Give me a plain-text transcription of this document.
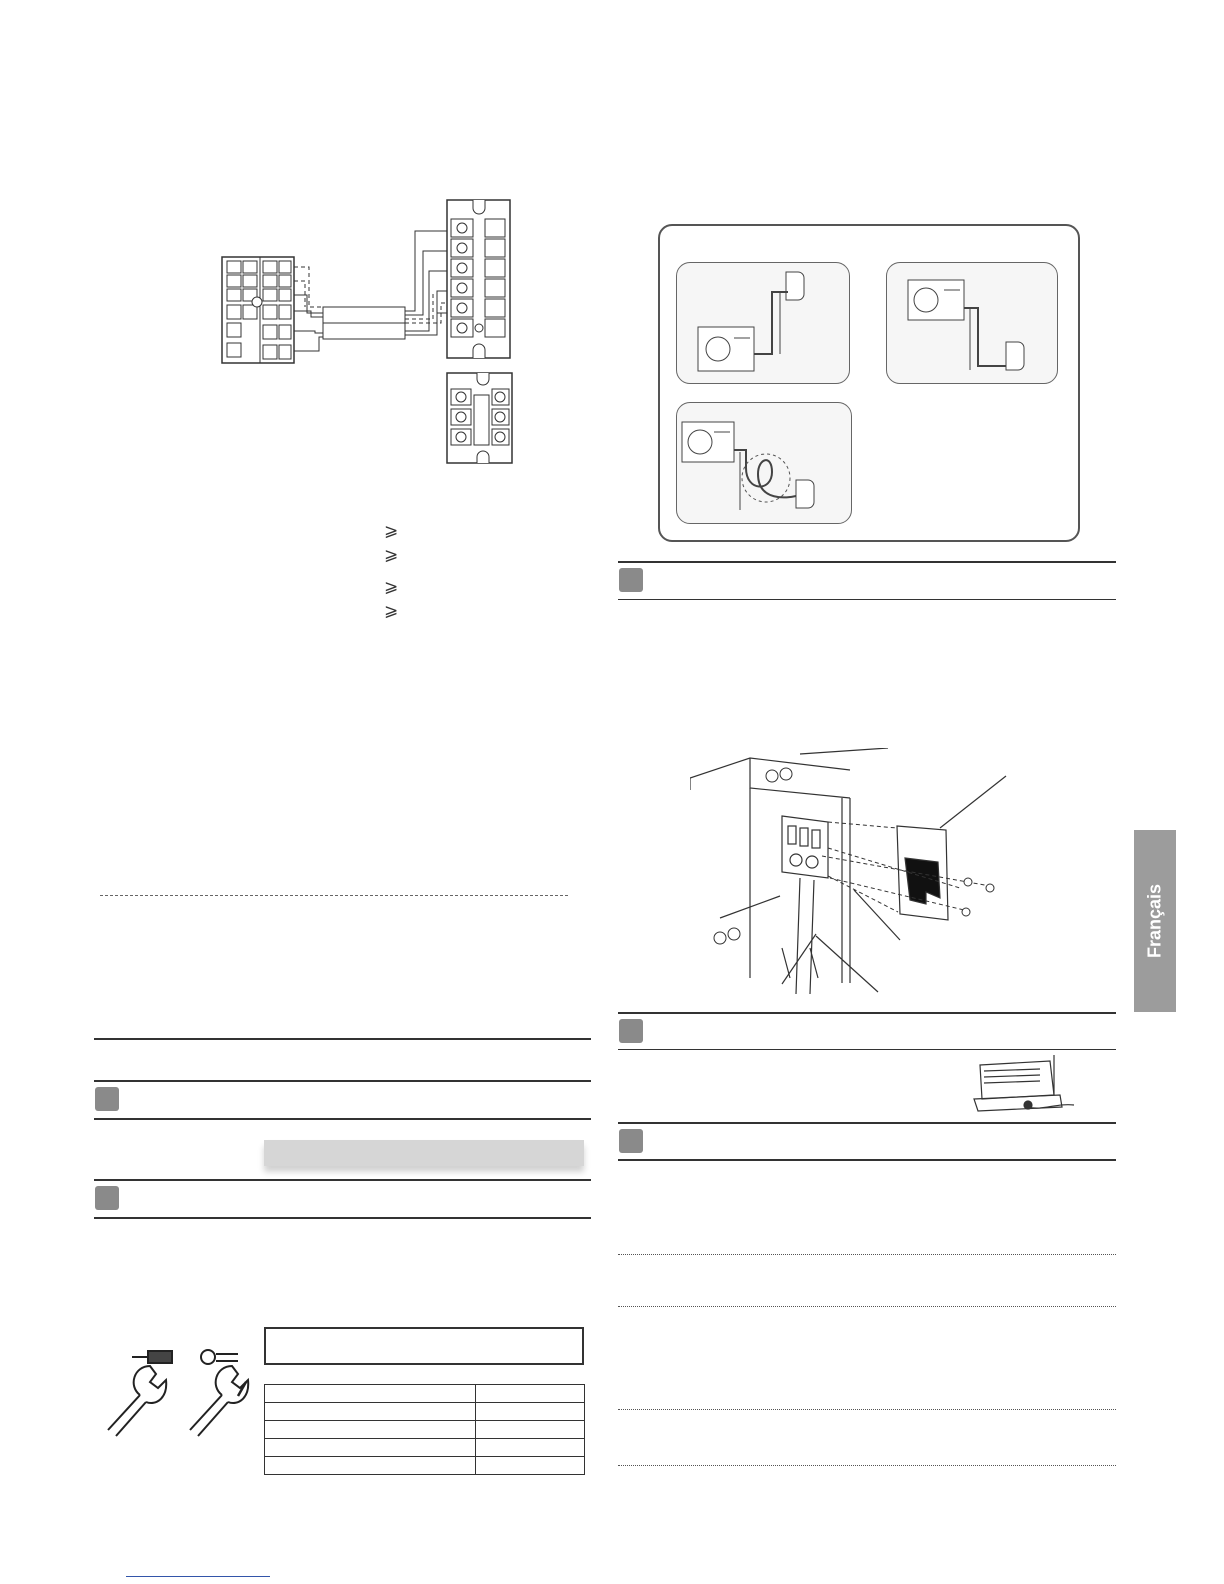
⩾
⩾
⩾
⩾

Français
